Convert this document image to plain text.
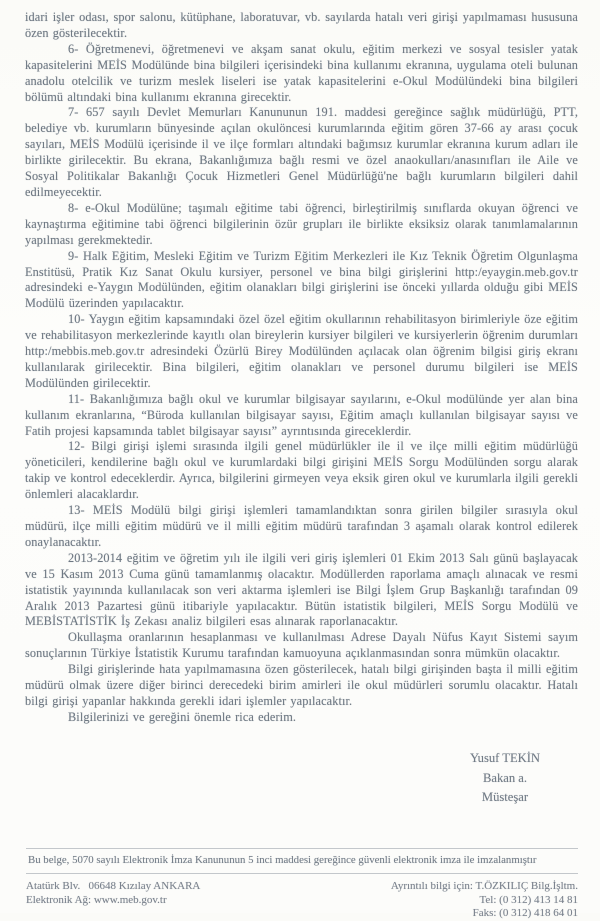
idari işler odası, spor salonu, kütüphane, laboratuvar, vb. sayılarda hatalı veri girişi yapılmaması hususuna özen gösterilecektir.

6- Öğretmenevi, öğretmenevi ve akşam sanat okulu, eğitim merkezi ve sosyal tesisler yatak kapasitelerini MEİS Modülünde bina bilgileri içerisindeki bina kullanımı ekranına, uygulama oteli bulunan anadolu otelcilik ve turizm meslek liseleri ise yatak kapasitelerini e-Okul Modülündeki bina bilgileri bölümü altındaki bina kullanımı ekranına girecektir.

7- 657 sayılı Devlet Memurları Kanununun 191. maddesi gereğince sağlık müdürlüğü, PTT, belediye vb. kurumların bünyesinde açılan okulöncesi kurumlarında eğitim gören 37-66 ay arası çocuk sayıları, MEİS Modülü içerisinde il ve ilçe formları altındaki bağımsız kurumlar ekranına kurum adları ile birlikte girilecektir. Bu ekrana, Bakanlığımıza bağlı resmi ve özel anaokulları/anasınıfları ile Aile ve Sosyal Politikalar Bakanlığı Çocuk Hizmetleri Genel Müdürlüğü'ne bağlı kurumların bilgileri dahil edilmeyecektir.

8- e-Okul Modülüne; taşımalı eğitime tabi öğrenci, birleştirilmiş sınıflarda okuyan öğrenci ve kaynaştırma eğitimine tabi öğrenci bilgilerinin özür grupları ile birlikte eksiksiz olarak tanımlamalarının yapılması gerekmektedir.

9- Halk Eğitim, Mesleki Eğitim ve Turizm Eğitim Merkezleri ile Kız Teknik Öğretim Olgunlaşma Enstitüsü, Pratik Kız Sanat Okulu kursiyer, personel ve bina bilgi girişlerini http:/eyaygin.meb.gov.tr adresindeki e-Yaygın Modülünden, eğitim olanakları bilgi girişlerini ise önceki yıllarda olduğu gibi MEİS Modülü üzerinden yapılacaktır.

10- Yaygın eğitim kapsamındaki özel özel eğitim okullarının rehabilitasyon birimleriyle öze eğitim ve rehabilitasyon merkezlerinde kayıtlı olan bireylerin kursiyer bilgileri ve kursiyerlerin öğrenim durumları http:/mebbis.meb.gov.tr adresindeki Özürlü Birey Modülünden açılacak olan öğrenim bilgisi giriş ekranı kullanılarak girilecektir. Bina bilgileri, eğitim olanakları ve personel durumu bilgileri ise MEİS Modülünden girilecektir.

11- Bakanlığımıza bağlı okul ve kurumlar bilgisayar sayılarını, e-Okul modülünde yer alan bina kullanım ekranlarına, “Büroda kullanılan bilgisayar sayısı, Eğitim amaçlı kullanılan bilgisayar sayısı ve Fatih projesi kapsamında tablet bilgisayar sayısı” ayrıntısında gireceklerdir.

12- Bilgi girişi işlemi sırasında ilgili genel müdürlükler ile il ve ilçe milli eğitim müdürlüğü yöneticileri, kendilerine bağlı okul ve kurumlardaki bilgi girişini MEİS Sorgu Modülünden sorgu alarak takip ve kontrol edeceklerdir. Ayrıca, bilgilerini girmeyen veya eksik giren okul ve kurumlarla ilgili gerekli önlemleri alacaklardır.

13- MEİS Modülü bilgi girişi işlemleri tamamlandıktan sonra girilen bilgiler sırasıyla okul müdürü, ilçe milli eğitim müdürü ve il milli eğitim müdürü tarafından 3 aşamalı olarak kontrol edilerek onaylanacaktır.

2013-2014 eğitim ve öğretim yılı ile ilgili veri giriş işlemleri 01 Ekim 2013 Salı günü başlayacak ve 15 Kasım 2013 Cuma günü tamamlanmış olacaktır. Modüllerden raporlama amaçlı alınacak ve resmi istatistik yayınında kullanılacak son veri aktarma işlemleri ise Bilgi İşlem Grup Başkanlığı tarafından 09 Aralık 2013 Pazartesi günü itibariyle yapılacaktır. Bütün istatistik bilgileri, MEİS Sorgu Modülü ve MEBİSTATİSTİK İş Zekası analiz bilgileri esas alınarak raporlanacaktır.

Okullaşma oranlarının hesaplanması ve kullanılması Adrese Dayalı Nüfus Kayıt Sistemi sayım sonuçlarının Türkiye İstatistik Kurumu tarafından kamuoyuna açıklanmasından sonra mümkün olacaktır.

Bilgi girişlerinde hata yapılmamasına özen gösterilecek, hatalı bilgi girişinden başta il milli eğitim müdürü olmak üzere diğer birinci derecedeki birim amirleri ile okul müdürleri sorumlu olacaktır. Hatalı bilgi girişi yapanlar hakkında gerekli idari işlemler yapılacaktır.

Bilgilerinizi ve gereğini önemle rica ederim.

Yusuf TEKİN
Bakan a.
Müsteşar
Bu belge, 5070 sayılı Elektronik İmza Kanununun 5 inci maddesi gereğince güvenli elektronik imza ile imzalanmıştır
Atatürk Blv.   06648 Kızılay ANKARA
Elektronik Ağ: www.meb.gov.tr
Ayrıntılı bilgi için: T.ÖZKILIÇ Bilg.İşltm.
Tel: (0 312) 413 14 81
Faks: (0 312) 418 64 01
